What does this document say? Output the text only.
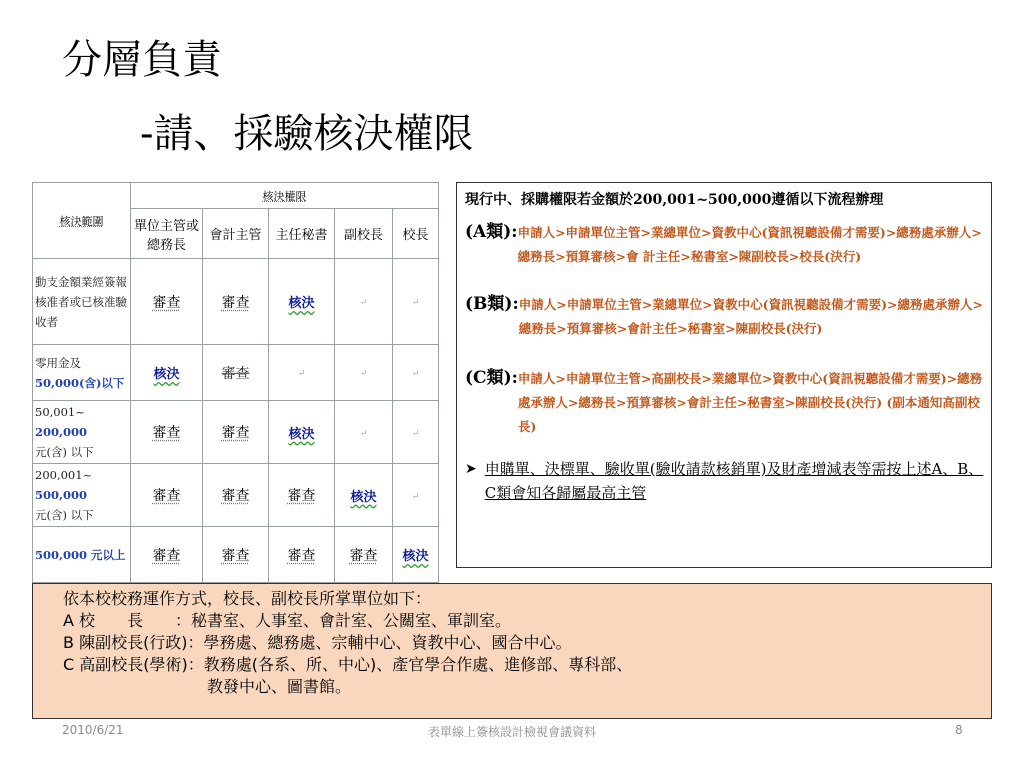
分層負責
-請、採驗核決權限
核決範圍	核決權限				
	單位主管或總務長	會計主管	主任秘書	副校長	校長
動支金額業經簽報核准者或已核准驗收者	審查	審查	核決	↵	↵
零用金及
50,000(含)以下	核決	審查	↵	↵	↵
50,001~ 200,000
元(含) 以下	審查	審查	核決	↵	↵
200,001~ 500,000
元(含) 以下	審查	審查	審查	核決	↵
500,000 元以上	審查	審查	審查	審查	核決
現行中、採購權限若金額於200,001~500,000遵循以下流程辦理
(A類): 申請人>申請單位主管>業總單位>資教中心(資訊視聽設備才需要)>總務處承辦人>總務長>預算審核>會 計主任>秘書室>陳副校長>校長(決行)
(B類): 申請人>申請單位主管>業總單位>資教中心(資訊視聽設備才需要)>總務處承辦人>總務長>預算審核>會計主任>秘書室>陳副校長(決行)
(C類): 申請人>申請單位主管>高副校長>業總單位>資教中心(資訊視聽設備才需要)>總務處承辦人>總務長>預算審核>會計主任>秘書室>陳副校長(決行) (副本通知高副校長)
➤ 申購單、決標單、驗收單(驗收請款核銷單)及財產增減表等需按上述A、B、C類會知各歸屬最高主管
依本校校務運作方式，校長、副校長所掌單位如下：
A 校　　長　　：秘書室、人事室、會計室、公關室、軍訓室。
B 陳副校長(行政)：學務處、總務處、宗輔中心、資教中心、國合中心。
C 高副校長(學術)：教務處(各系、所、中心)、產官學合作處、進修部、專科部、
　　　　　　　　　教發中心、圖書館。
2010/6/21	表單線上簽核設計檢視會議資料	8
